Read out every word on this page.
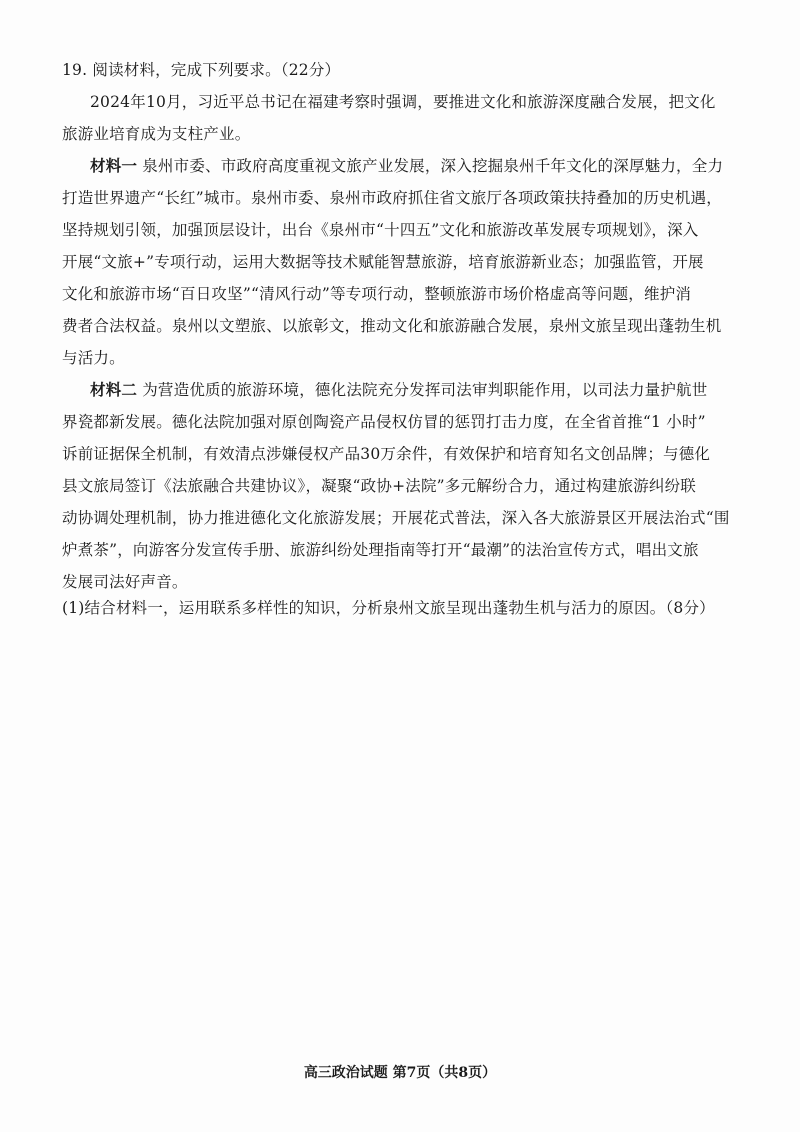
19. 阅读材料，完成下列要求。（22分）
2024年10月，习近平总书记在福建考察时强调，要推进文化和旅游深度融合发展，把文化
旅游业培育成为支柱产业。
材料一 泉州市委、市政府高度重视文旅产业发展，深入挖掘泉州千年文化的深厚魅力，全力
打造世界遗产“长红”城市。泉州市委、泉州市政府抓住省文旅厅各项政策扶持叠加的历史机遇，
坚持规划引领，加强顶层设计，出台《泉州市“十四五”文化和旅游改革发展专项规划》，深入
开展“文旅+”专项行动，运用大数据等技术赋能智慧旅游，培育旅游新业态；加强监管，开展
文化和旅游市场“百日攻坚”“清风行动”等专项行动，整顿旅游市场价格虚高等问题，维护消
费者合法权益。泉州以文塑旅、以旅彰文，推动文化和旅游融合发展，泉州文旅呈现出蓬勃生机
与活力。
材料二 为营造优质的旅游环境，德化法院充分发挥司法审判职能作用，以司法力量护航世
界瓷都新发展。德化法院加强对原创陶瓷产品侵权仿冒的惩罚打击力度，在全省首推“1 小时”
诉前证据保全机制，有效清点涉嫌侵权产品30万余件，有效保护和培育知名文创品牌；与德化
县文旅局签订《法旅融合共建协议》，凝聚“政协+法院”多元解纷合力，通过构建旅游纠纷联
动协调处理机制，协力推进德化文化旅游发展；开展花式普法，深入各大旅游景区开展法治式“围
炉煮茶”，向游客分发宣传手册、旅游纠纷处理指南等打开“最潮”的法治宣传方式，唱出文旅
发展司法好声音。
(1)结合材料一，运用联系多样性的知识，分析泉州文旅呈现出蓬勃生机与活力的原因。（8分）
高三政治试题 第7页（共8页）
